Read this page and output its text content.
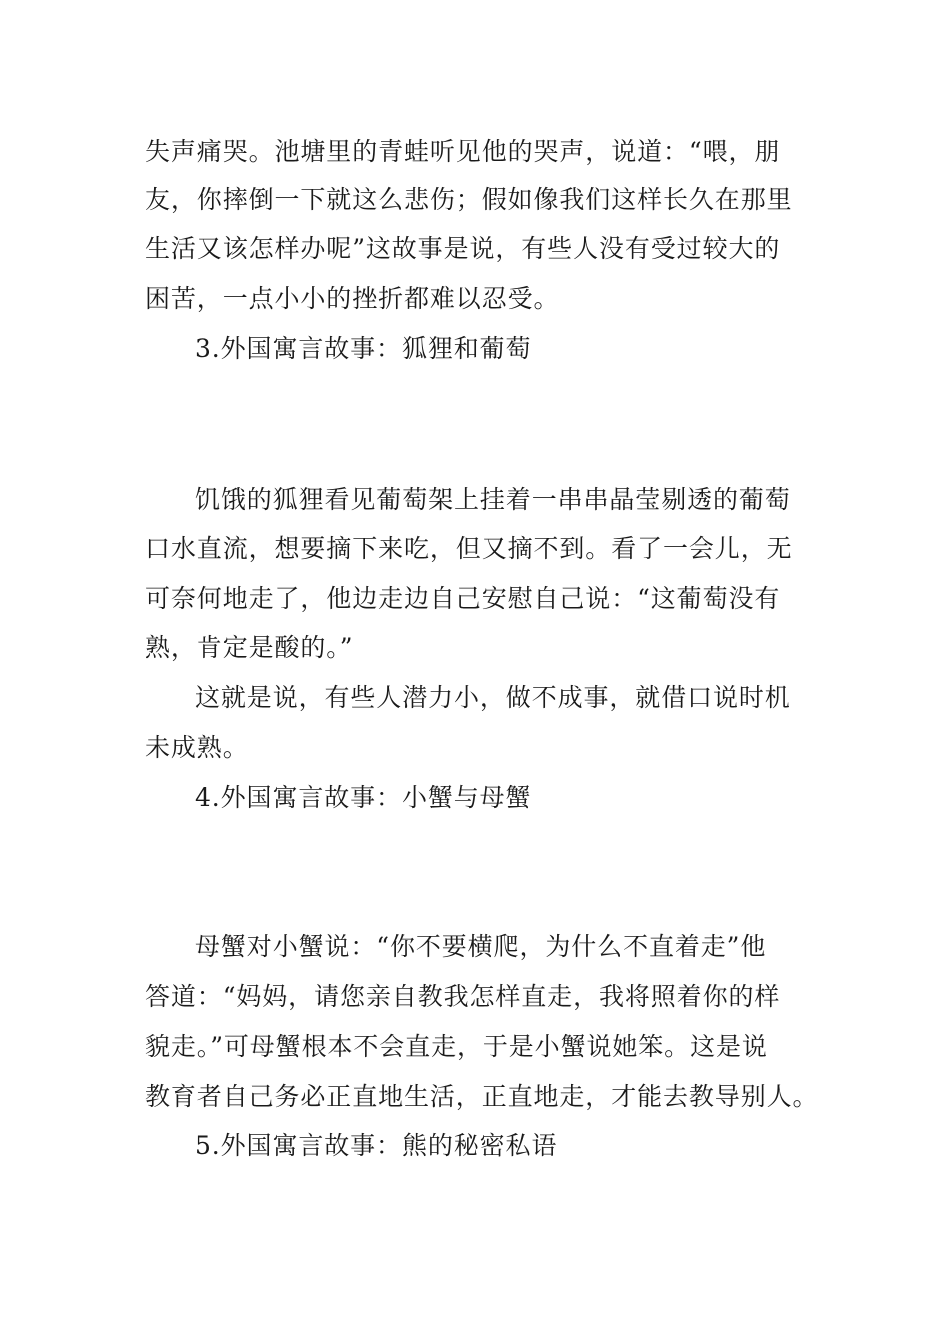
失声痛哭。池塘里的青蛙听见他的哭声，说道：“喂，朋
友，你摔倒一下就这么悲伤；假如像我们这样长久在那里
生活又该怎样办呢”这故事是说，有些人没有受过较大的
困苦，一点小小的挫折都难以忍受。
3.外国寓言故事：狐狸和葡萄
饥饿的狐狸看见葡萄架上挂着一串串晶莹剔透的葡萄
口水直流，想要摘下来吃，但又摘不到。看了一会儿，无
可奈何地走了，他边走边自己安慰自己说：“这葡萄没有
熟，肯定是酸的。”
这就是说，有些人潜力小，做不成事，就借口说时机
未成熟。
4.外国寓言故事：小蟹与母蟹
母蟹对小蟹说：“你不要横爬，为什么不直着走”他
答道：“妈妈，请您亲自教我怎样直走，我将照着你的样
貌走。”可母蟹根本不会直走，于是小蟹说她笨。这是说
教育者自己务必正直地生活，正直地走，才能去教导别人。
5.外国寓言故事：熊的秘密私语
